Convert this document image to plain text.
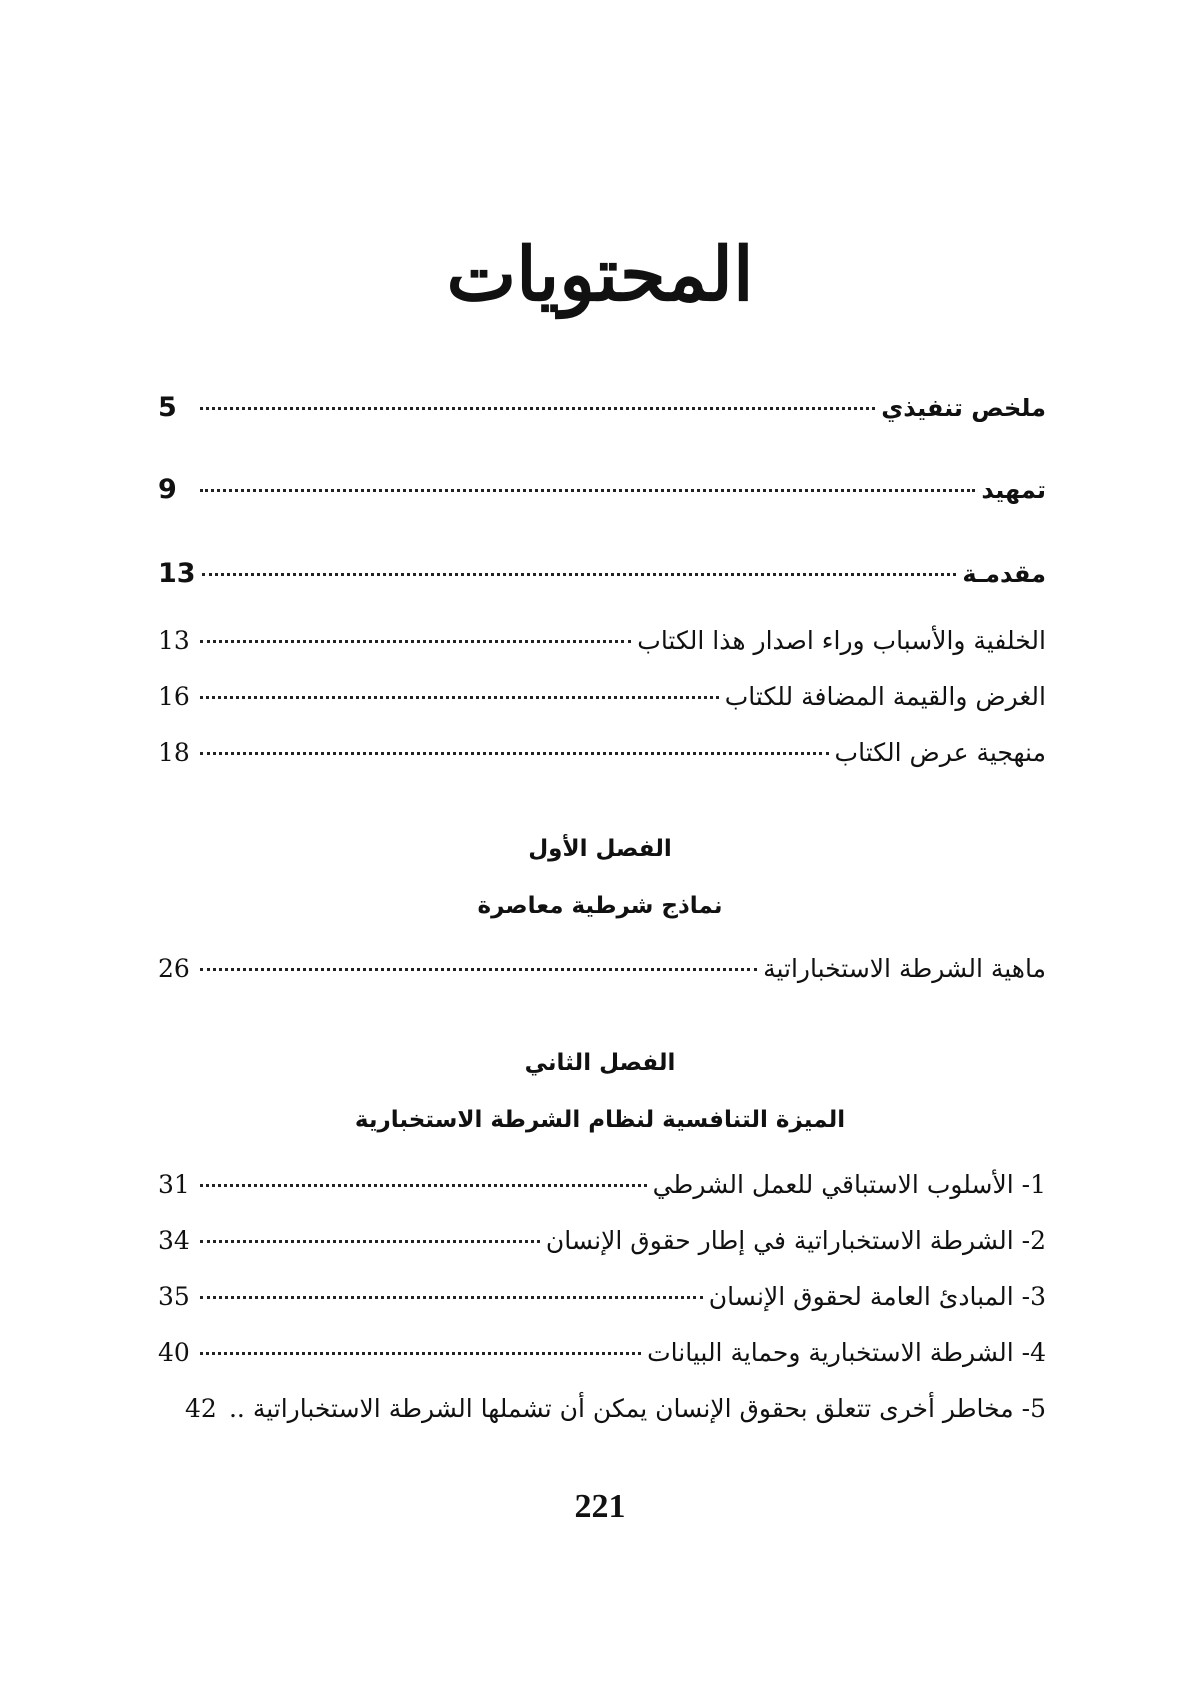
المحتويات
ملخص تنفيذي
5
تمهيد
9
مقدمـة
13
الخلفية والأسباب وراء اصدار هذا الكتاب
13
الغرض والقيمة المضافة للكتاب
16
منهجية عرض الكتاب
18
الفصل الأول
نماذج شرطية معاصرة
ماهية الشرطة الاستخباراتية
26
الفصل الثاني
الميزة التنافسية لنظام الشرطة الاستخبارية
1- الأسلوب الاستباقي للعمل الشرطي
31
2- الشرطة الاستخباراتية في إطار حقوق الإنسان
34
3- المبادئ العامة لحقوق الإنسان
35
4- الشرطة الاستخبارية وحماية البيانات
40
5- مخاطر أخرى تتعلق بحقوق الإنسان يمكن أن تشملها الشرطة الاستخباراتية ..
42
221
